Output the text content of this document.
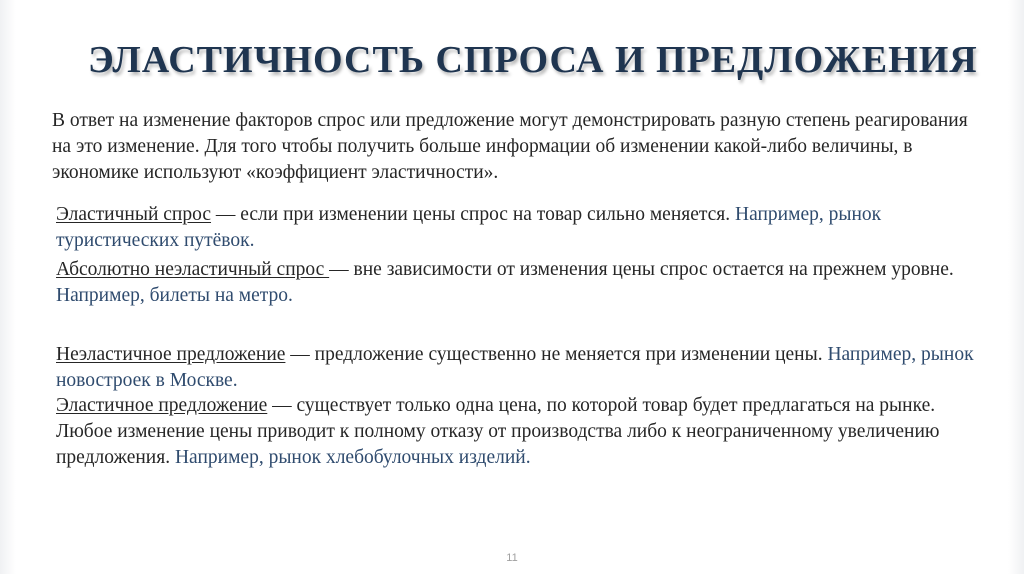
ЭЛАСТИЧНОСТЬ СПРОСА И ПРЕДЛОЖЕНИЯ
В ответ на изменение факторов спрос или предложение могут демонстрировать разную степень реагирования на это изменение. Для того чтобы получить больше информации об изменении какой-либо величины, в экономике используют «коэффициент эластичности».
Эластичный спрос — если при изменении цены спрос на товар сильно меняется. Например, рынок туристических путёвок.
Абсолютно неэластичный спрос — вне зависимости от изменения цены спрос остается на прежнем уровне. Например, билеты на метро.
Неэластичное предложение — предложение существенно не меняется при изменении цены. Например, рынок новостроек в Москве.
Эластичное предложение — существует только одна цена, по которой товар будет предлагаться на рынке. Любое изменение цены приводит к полному отказу от производства либо к неограниченному увеличению предложения. Например, рынок хлебобулочных изделий.
11
